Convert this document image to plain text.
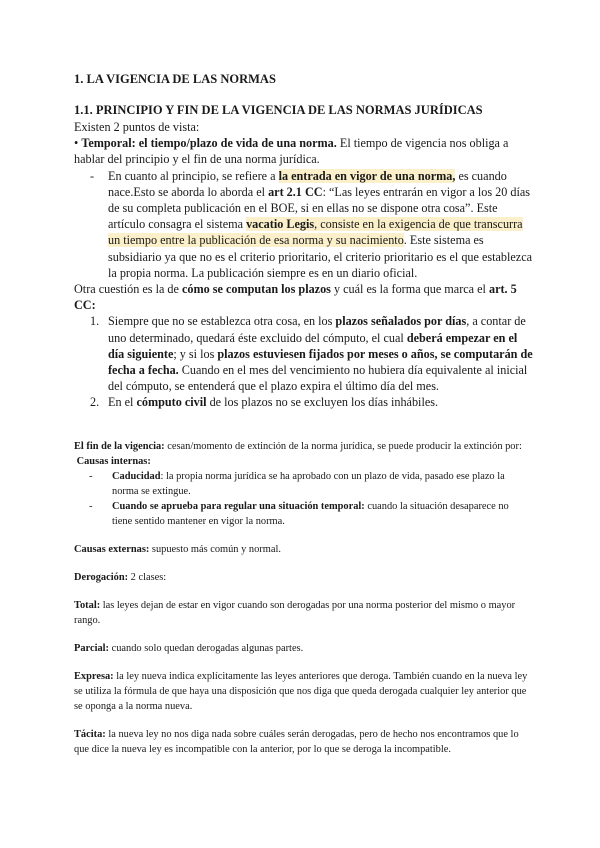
1. LA VIGENCIA DE LAS NORMAS
1.1. PRINCIPIO Y FIN DE LA VIGENCIA DE LAS NORMAS JURÍDICAS

Existen 2 puntos de vista:

• Temporal: el tiempo/plazo de vida de una norma. El tiempo de vigencia nos obliga a hablar del principio y el fin de una norma jurídica.

- En cuanto al principio, se refiere a la entrada en vigor de una norma, es cuando nace.Esto se aborda lo aborda el art 2.1 CC: “Las leyes entrarán en vigor a los 20 días de su completa publicación en el BOE, si en ellas no se dispone otra cosa”. Este artículo consagra el sistema vacatio Legis, consiste en la exigencia de que transcurra un tiempo entre la publicación de esa norma y su nacimiento. Este sistema es subsidiario ya que no es el criterio prioritario, el criterio prioritario es el que establezca la propia norma. La publicación siempre es en un diario oficial.

Otra cuestión es la de cómo se computan los plazos y cuál es la forma que marca el art. 5 CC:

1. Siempre que no se establezca otra cosa, en los plazos señalados por días, a contar de uno determinado, quedará éste excluido del cómputo, el cual deberá empezar en el día siguiente; y si los plazos estuviesen fijados por meses o años, se computarán de fecha a fecha. Cuando en el mes del vencimiento no hubiera día equivalente al inicial del cómputo, se entenderá que el plazo expira el último día del mes.
2. En el cómputo civil de los plazos no se excluyen los días inhábiles.

El fin de la vigencia: cesan/momento de extinción de la norma jurídica, se puede producir la extinción por:

Causas internas:

- Caducidad: la propia norma jurídica se ha aprobado con un plazo de vida, pasado ese plazo la norma se extingue.
- Cuando se aprueba para regular una situación temporal: cuando la situación desaparece no tiene sentido mantener en vigor la norma.

Causas externas: supuesto más común y normal.

Derogación: 2 clases:

Total: las leyes dejan de estar en vigor cuando son derogadas por una norma posterior del mismo o mayor rango.

Parcial: cuando solo quedan derogadas algunas partes.

Expresa: la ley nueva indica explícitamente las leyes anteriores que deroga. También cuando en la nueva ley se utiliza la fórmula de que haya una disposición que nos diga que queda derogada cualquier ley anterior que se oponga a la norma nueva.

Tácita: la nueva ley no nos diga nada sobre cuáles serán derogadas, pero de hecho nos encontramos que lo que dice la nueva ley es incompatible con la anterior, por lo que se deroga la incompatible.
